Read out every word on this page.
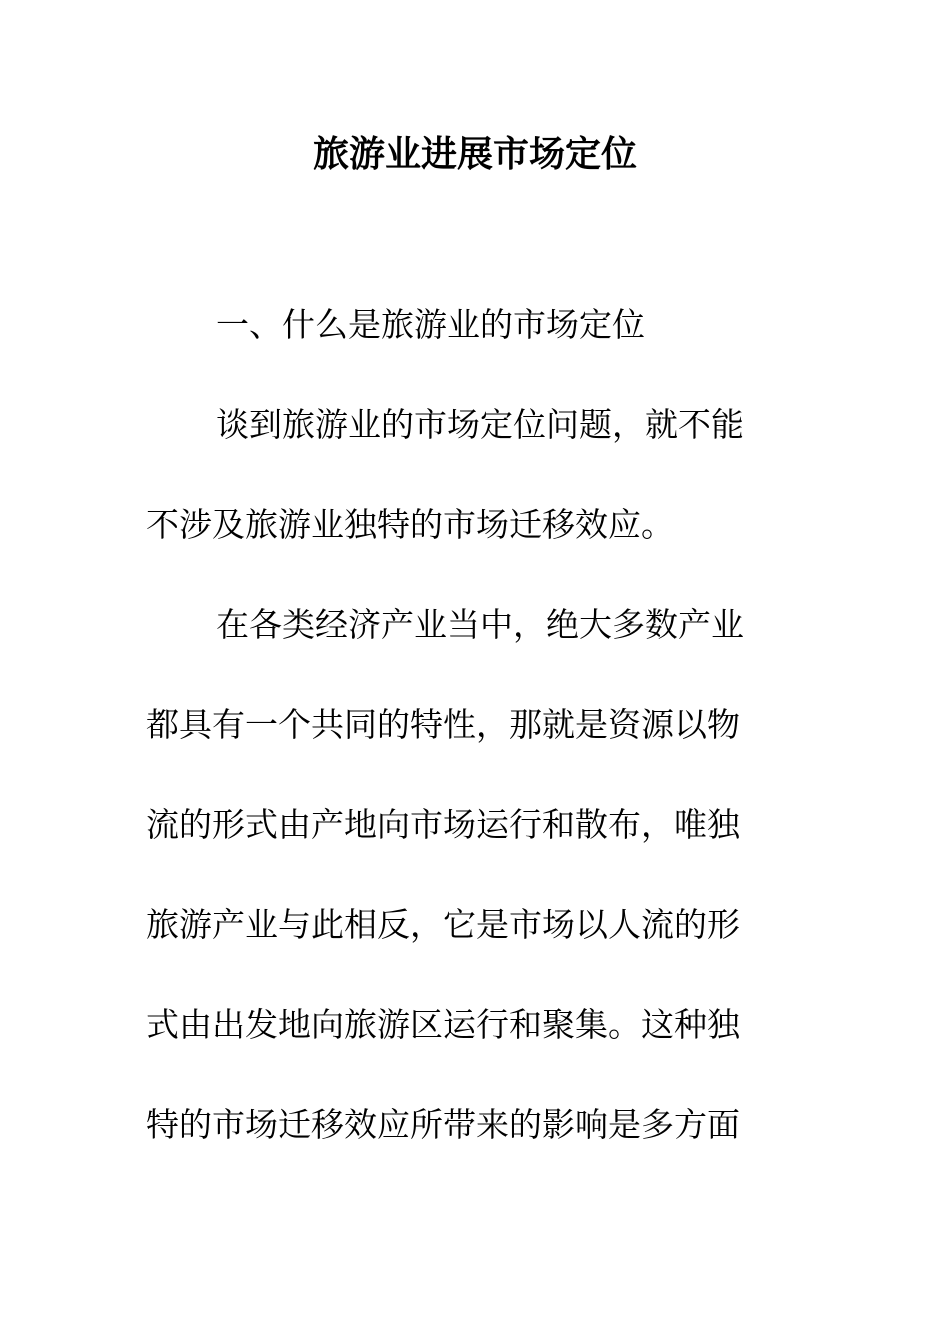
旅游业进展市场定位
一、什么是旅游业的市场定位
谈到旅游业的市场定位问题，就不能
不涉及旅游业独特的市场迁移效应。
在各类经济产业当中，绝大多数产业
都具有一个共同的特性，那就是资源以物
流的形式由产地向市场运行和散布，唯独
旅游产业与此相反，它是市场以人流的形
式由出发地向旅游区运行和聚集。这种独
特的市场迁移效应所带来的影响是多方面
